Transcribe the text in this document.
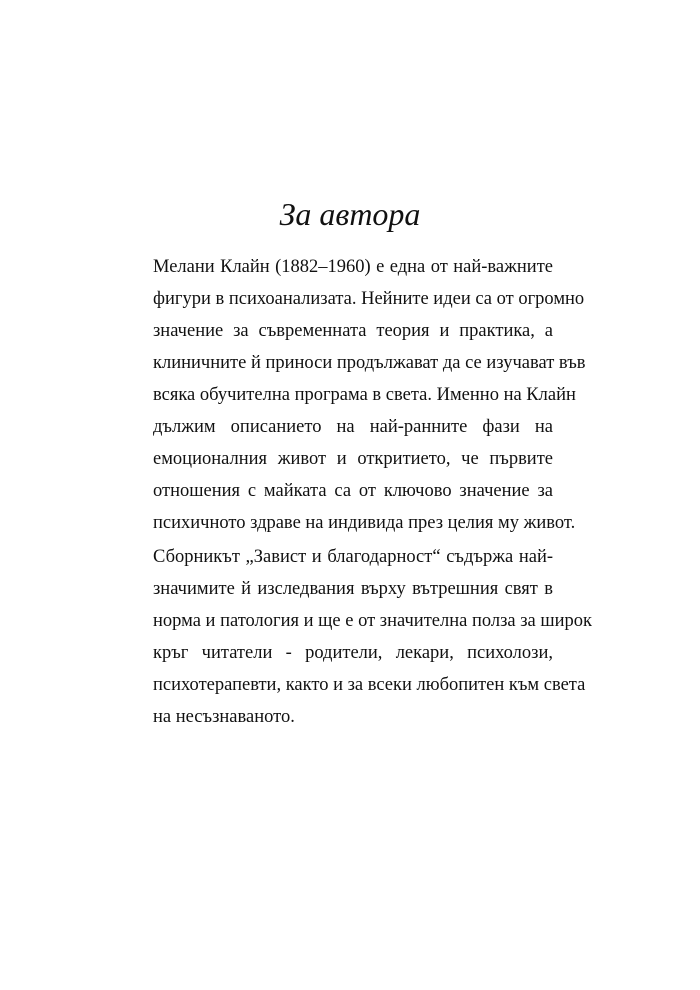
За автора
Мелани Клайн (1882–1960) е една от най-важните
фигури в психоанализата. Нейните идеи са от огромно
значение за съвременната теория и практика, а
клиничните й приноси продължават да се изучават във
всяка обучителна програма в света. Именно на Клайн
дължим описанието на най-ранните фази на
емоционалния живот и откритието, че първите
отношения с майката са от ключово значение за
психичното здраве на индивида през целия му живот.
Сборникът „Завист и благодарност“ съдържа най-
значимите й изследвания върху вътрешния свят в
норма и патология и ще е от значителна полза за широк
кръг читатели - родители, лекари, психолози,
психотерапевти, както и за всеки любопитен към света
на несъзнаваното.
